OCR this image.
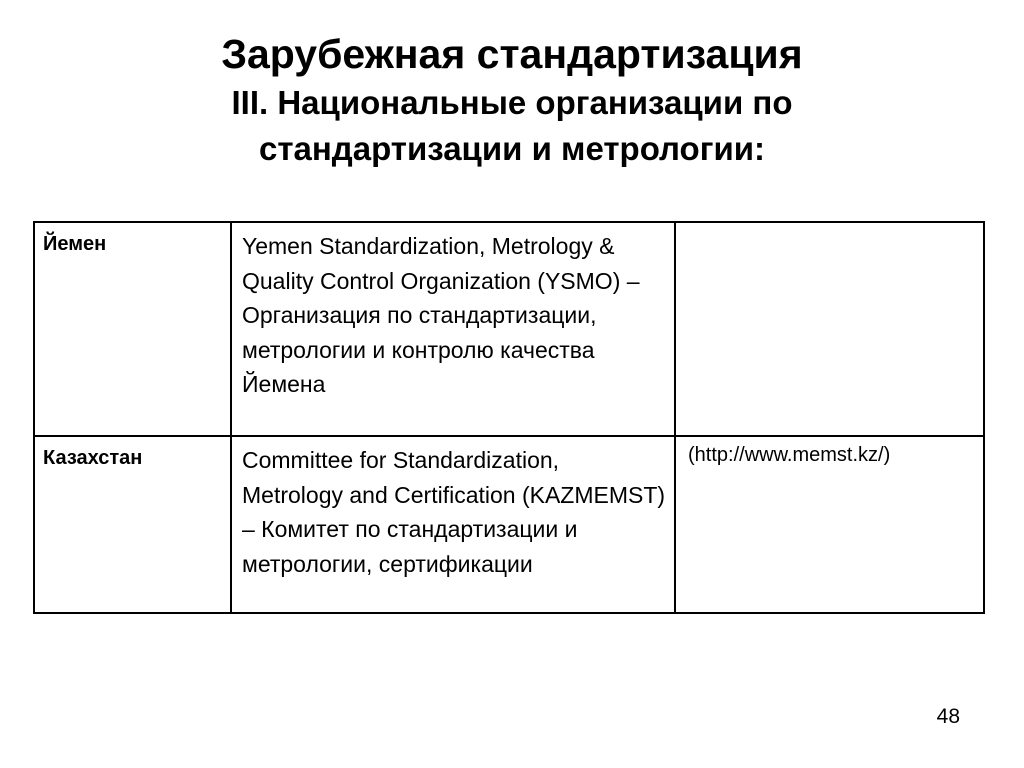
Зарубежная стандартизация
III. Национальные организации по
стандартизации и метрологии:
Йемен	Yemen Standardization, Metrology & Quality Control Organization (YSMO) – Организация по стандартизации, метрологии и контролю качества Йемена	

Казахстан	Committee for Standardization, Metrology and Certification (KAZMEMST) – Комитет по стандартизации и метрологии, сертификации	(http://www.memst.kz/)
48
